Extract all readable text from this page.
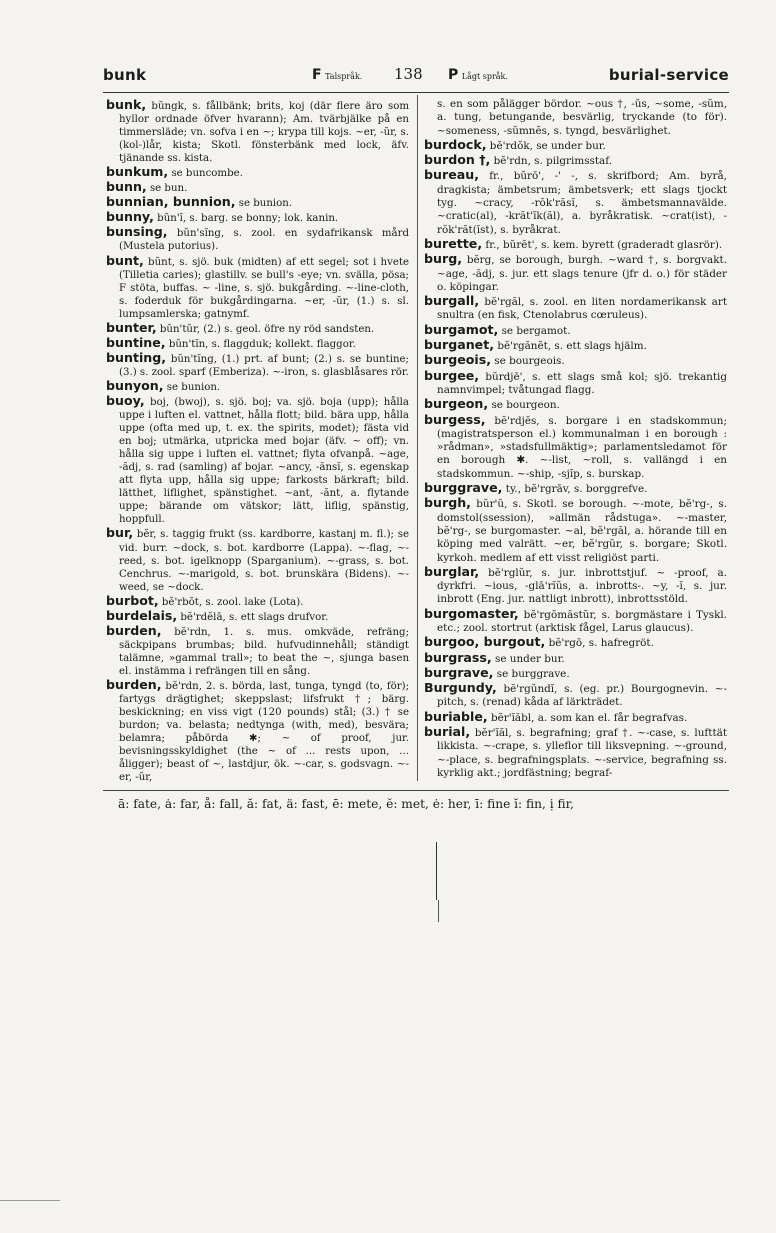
bunk	F Talspråk. 138 P Lågt språk.	burial-service

bunk, bŭngk, s. fållbänk; brits, koj (där flere äro som hyllor ordnade öfver hvarann); Am. tvärbjälke på en timmersläde; vn. sofva i en ~; krypa till kojs. ~er, -ŭr, s. (kol-)lår, kista; Skotl. fönsterbänk med lock, äfv. tjänande ss. kista.

bunkum, se buncombe.

bunn, se bun.

bunnian, bunnion, se bunion.

bunny, bŭn'ĭ, s. barg. se bonny; lok. kanin.

bunsing, bŭn'sĭng, s. zool. en sydafrikansk mård (Mustela putorius).

bunt, bŭnt, s. sjö. buk (midten) af ett segel; sot i hvete (Tilletia caries); glastillv. se bull's -eye; vn. svälla, pösa; F stöta, buffas. ~ -line, s. sjö. bukgårding. ~-line-cloth, s. foderduk för bukgårdingarna. ~er, -ŭr, (1.) s. sl. lumpsamlerska; gatnymf.

bunter, bŭn'tŭr, (2.) s. geol. öfre ny röd sandsten.

buntine, bŭn'tĭn, s. flaggduk; kollekt. flaggor.

bunting, bŭn'tĭng, (1.) prt. af bunt; (2.) s. se buntine; (3.) s. zool. sparf (Emberiza). ~-iron, s. glasblåsares rör.

bunyon, se bunion.

buoy, boj, (bwoj), s. sjö. boj; va. sjö. boja (upp); hålla uppe i luften el. vattnet, hålla flott; bild. bära upp, hålla uppe (ofta med up, t. ex. the spirits, modet); fästa vid en boj; utmärka, utpricka med bojar (äfv. ~ off); vn. hålla sig uppe i luften el. vattnet; flyta ofvanpå. ~age, -ădj, s. rad (samling) af bojar. ~ancy, -ănsĭ, s. egenskap att flyta upp, hålla sig uppe; farkosts bärkraft; bild. lätthet, liflighet, spänstighet. ~ant, -ănt, a. flytande uppe; bärande om vätskor; lätt, liflig, spänstig, hoppfull.

bur, bĕr, s. taggig frukt (ss. kardborre, kastanj m. fl.); se vid. burr. ~dock, s. bot. kardborre (Lappa). ~-flag, ~-reed, s. bot. igelknopp (Sparganium). ~-grass, s. bot. Cenchrus. ~-marigold, s. bot. brunskära (Bidens). ~-weed, se ~dock.

burbot, bĕ'rbŏt, s. zool. lake (Lota).

burdelais, bĕ'rdĕlā, s. ett slags drufvor.

burden, bĕ'rdn, 1. s. mus. omkväde, refräng; säckpipans brumbas; bild. hufvudinnehåll; ständigt talämne, »gammal trall»; to beat the ~, sjunga basen el. instämma i refrängen till en sång.

burden, bĕ'rdn, 2. s. börda, last, tunga, tyngd (to, för); fartygs drägtighet; skeppslast; lifsfrukt †; bärg. beskickning; en viss vigt (120 pounds) stål; (3.) † se burdon; va. belasta; nedtynga (with, med), besvära; belamra; påbörda ✱; ~ of proof, jur. bevisningsskyldighet (the ~ of ... rests upon, ... åligger); beast of ~, lastdjur, ök. ~-car, s. godsvagn. ~-er, -ŭr,

s. en som pålägger bördor. ~ous †, -ŭs, ~some, -sŭm, a. tung, betungande, besvärlig, tryckande (to för). ~someness, -sŭmnĕs, s. tyngd, besvärlighet.

burdock, bĕ'rdŏk, se under bur.

burdon †, bĕ'rdn, s. pilgrimsstaf.

bureau, fr., bŭrō', -' -, s. skrifbord; Am. byrå, dragkista; ämbetsrum; ämbetsverk; ett slags tjockt tyg. ~cracy, -rŏk'răsĭ, s. ämbetsmannavälde. ~cratic(al), -krăt'ĭk(ăl), a. byråkratisk. ~crat(ist), -rŏk'răt(ĭst), s. byråkrat.

burette, fr., bŭrĕt', s. kem. byrett (graderadt glasrör).

burg, bĕrg, se borough, burgh. ~ward †, s. borgvakt. ~age, -ădj, s. jur. ett slags tenure (jfr d. o.) för städer o. köpingar.

burgall, bĕ'rgăl, s. zool. en liten nordamerikansk art snultra (en fisk, Ctenolabrus cœruleus).

burgamot, se bergamot.

burganet, bĕ'rgănĕt, s. ett slags hjälm.

burgeois, se bourgeois.

burgee, bŭrdjē', s. ett slags små kol; sjö. trekantig namnvimpel; tvåtungad flagg.

burgeon, se bourgeon.

burgess, bĕ'rdjĕs, s. borgare i en stadskommun; (magistratsperson el.) kommunalman i en borough : »rådman», »stadsfullmäktig»; parlamentsledamot för en borough ✱. ~-list, ~roll, s. vallängd i en stadskommun. ~-ship, -sjĭp, s. burskap.

burggrave, ty., bĕ'rgrāv, s. borggrefve.

burgh, bŭr'ŭ, s. Skotl. se borough. ~-mote, bĕ'rg-, s. domstol(ssession), »allmän rådstuga». ~-master, bĕ'rg-, se burgomaster. ~al, bĕ'rgăl, a. hörande till en köping med valrätt. ~er, bĕ'rgŭr, s. borgare; Skotl. kyrkoh. medlem af ett visst religiöst parti.

burglar, bĕ'rglŭr, s. jur. inbrottstjuf. ~ -proof, a. dyrkfri. ~ious, -glā'rĭŭs, a. inbrotts-. ~y, -ĭ, s. jur. inbrott (Eng. jur. nattligt inbrott), inbrottsstöld.

burgomaster, bĕ'rgŏmăstŭr, s. borgmästare i Tyskl. etc.; zool. stortrut (arktisk fågel, Larus glaucus).

burgoo, burgout, bĕ'rgō, s. hafregröt.

burgrass, se under bur.

burgrave, se burggrave.

Burgundy, bĕ'rgŭndĭ, s. (eg. pr.) Bourgognevin. ~-pitch, s. (renad) kåda af lärkträdet.

buriable, bĕr'ĭăbl, a. som kan el. får begrafvas.

burial, bĕr'ĭăl, s. begrafning; graf †. ~-case, s. lufttät likkista. ~-crape, s. ylleflor till liksvepning. ~-ground, ~-place, s. begrafningsplats. ~-service, begrafning ss. kyrklig akt.; jordfästning; begraf-

ā: fate, ȧ: far, å: fall, ă: fat, ä: fast, ē: mete, ĕ: met, ė: her, ī: fine ĭ: fin, ị fir,
